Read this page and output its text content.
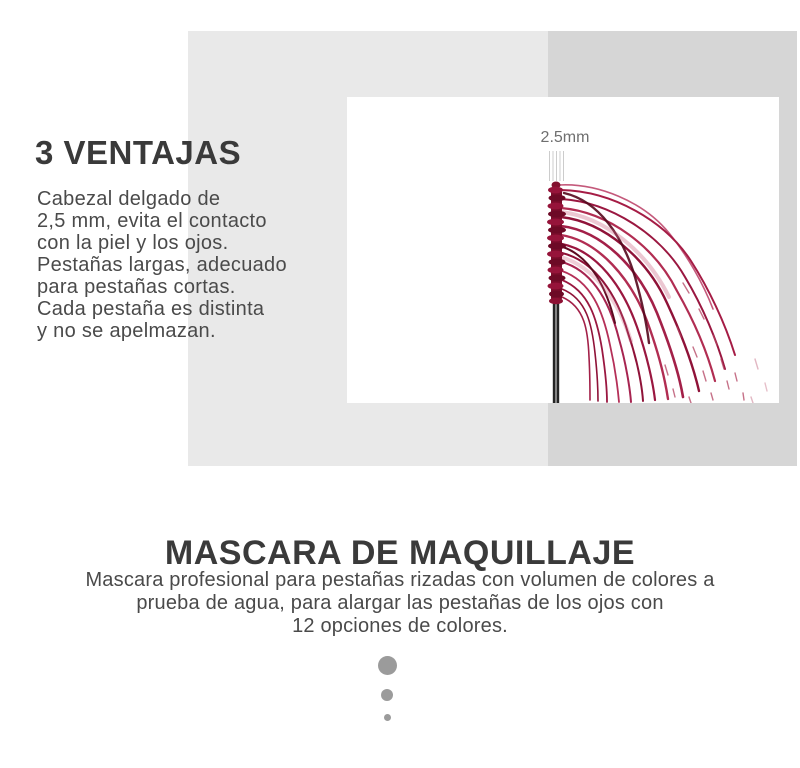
2.5mm
3 VENTAJAS
Cabezal delgado de
2,5 mm, evita el contacto
con la piel y los ojos.
Pestañas largas, adecuado
para pestañas cortas.
Cada pestaña es distinta
y no se apelmazan.
MASCARA DE MAQUILLAJE
Mascara profesional para pestañas rizadas con volumen de colores a
prueba de agua, para alargar las pestañas de los ojos con
12 opciones de colores.
